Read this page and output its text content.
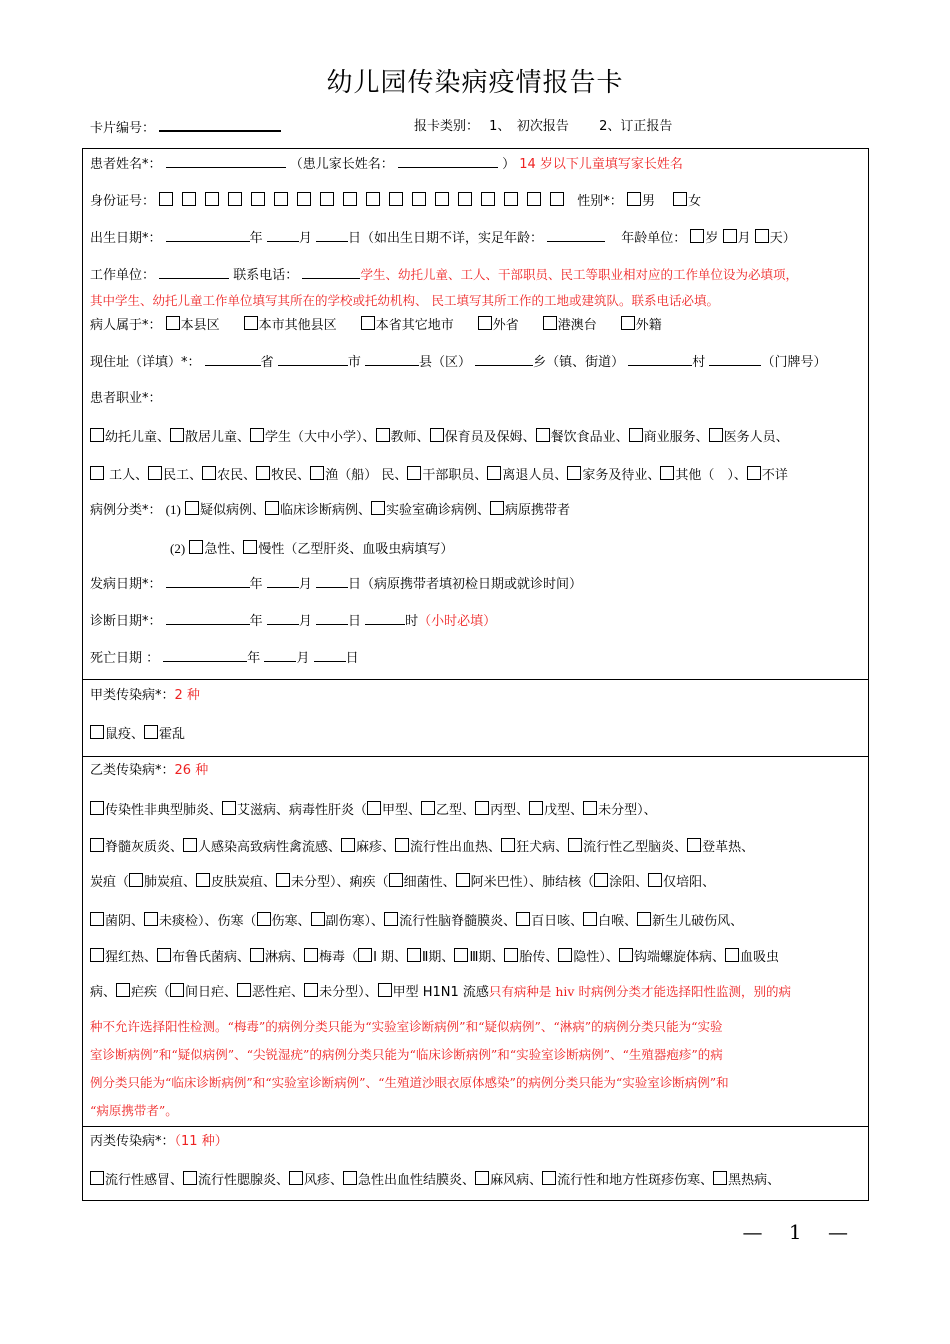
幼儿园传染病疫情报告卡
卡片编号：	报卡类别： 1、　初次报告 2、订正报告
患者姓名*：	（患儿家长姓名：	） 14 岁以下儿童填写家长姓名
身份证号：	性别*： 男	女
出生日期*：	年	月	日（如出生日期不详，实足年龄：	年龄单位： 岁 月 天）
工作单位：	联系电话：	学生、幼托儿童、工人、干部职员、民工等职业相对应的工作单位设为必填项，
其中学生、幼托儿童工作单位填写其所在的学校或托幼机构、 民工填写其所工作的工地或建筑队。联系电话必填。
病人属于*： 本县区	本市其他县区	本省其它地市	外省	港澳台	外籍
现住址（详填）*：	省	市	县（区）	乡（镇、街道）	村	（门牌号）
患者职业*：
幼托儿童、 散居儿童、 学生（大中小学）、 教师、 保育员及保姆、 餐饮食品业、 商业服务、 医务人员、
工人、 民工、 农民、 牧民、 渔（船） 民、 干部职员、 离退人员、 家务及待业、 其他（　）、 不详
病例分类*： (1) 疑似病例、 临床诊断病例、 实验室确诊病例、 病原携带者
(2) 急性、 慢性（乙型肝炎、血吸虫病填写）
发病日期*：	年	月	日（病原携带者填初检日期或就诊时间）
诊断日期*：	年	月	日	时（小时必填）
死亡日期 ：	年	月	日
甲类传染病*：2 种
鼠疫、 霍乱
乙类传染病*：26 种
传染性非典型肺炎、 艾滋病、病毒性肝炎（ 甲型、 乙型、 丙型、 戊型、 未分型）、
脊髓灰质炎、 人感染高致病性禽流感、 麻疹、 流行性出血热、 狂犬病、 流行性乙型脑炎、 登革热、
炭疽（ 肺炭疽、 皮肤炭疽、 未分型）、痢疾（ 细菌性、 阿米巴性）、肺结核（ 涂阳、 仅培阳、
菌阴、 未痰检）、伤寒（ 伤寒、 副伤寒）、 流行性脑脊髓膜炎、 百日咳、 白喉、 新生儿破伤风、
猩红热、 布鲁氏菌病、 淋病、 梅毒（ Ⅰ 期、 Ⅱ期、 Ⅲ期、 胎传、 隐性）、 钩端螺旋体病、 血吸虫
病、 疟疾（ 间日疟、 恶性疟、 未分型）、 甲型 H1N1 流感只有病种是 hiv 时病例分类才能选择阳性监测，别的病
种不允许选择阳性检测。“梅毒”的病例分类只能为“实验室诊断病例”和“疑似病例”、“淋病”的病例分类只能为“实验
室诊断病例”和“疑似病例”、“尖锐湿疣”的病例分类只能为“临床诊断病例”和“实验室诊断病例”、“生殖器疱疹”的病
例分类只能为“临床诊断病例”和“实验室诊断病例”、“生殖道沙眼衣原体感染”的病例分类只能为“实验室诊断病例”和
“病原携带者”。
丙类传染病*：（11 种）
流行性感冒、 流行性腮腺炎、 风疹、 急性出血性结膜炎、 麻风病、 流行性和地方性斑疹伤寒、 黑热病、
— 1 —
